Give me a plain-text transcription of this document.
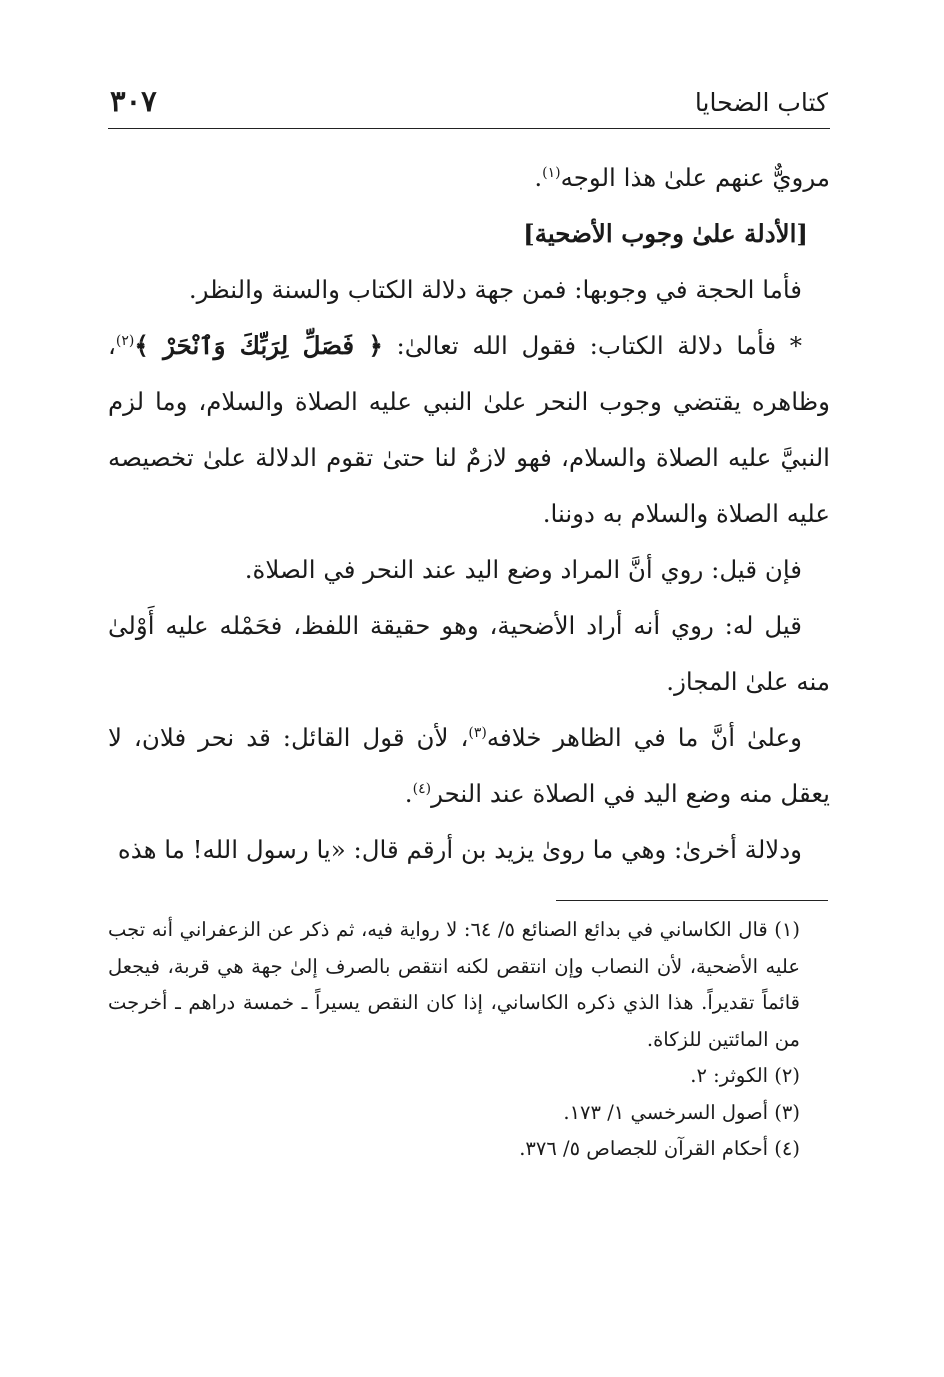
كتاب الضحايا
٣٠٧

مرويٌّ عنهم علىٰ هذا الوجه$^{(١)}$.

[الأدلة علىٰ وجوب الأضحية]

فأما الحجة في وجوبها: فمن جهة دلالة الكتاب والسنة والنظر.

* فأما دلالة الكتاب: فقول الله تعالىٰ: ﴿ فَصَلِّ لِرَبِّكَ وَٱنْحَرْ ﴾$^{(٢)}$، وظاهره يقتضي وجوب النحر علىٰ النبي عليه الصلاة والسلام، وما لزم النبيَّ عليه الصلاة والسلام، فهو لازمٌ لنا حتىٰ تقوم الدلالة علىٰ تخصيصه عليه الصلاة والسلام به دوننا.

فإن قيل: روي أنَّ المراد وضع اليد عند النحر في الصلاة.

قيل له: روي أنه أراد الأضحية، وهو حقيقة اللفظ، فحَمْله عليه أَوْلىٰ منه علىٰ المجاز.

وعلىٰ أنَّ ما في الظاهر خلافه$^{(٣)}$، لأن قول القائل: قد نحر فلان، لا يعقل منه وضع اليد في الصلاة عند النحر$^{(٤)}$.

ودلالة أخرىٰ: وهي ما روىٰ يزيد بن أرقم قال: «يا رسول الله! ما هذه

(١) قال الكاساني في بدائع الصنائع ٥/ ٦٤: لا رواية فيه، ثم ذكر عن الزعفراني أنه تجب عليه الأضحية، لأن النصاب وإن انتقص لكنه انتقص بالصرف إلىٰ جهة هي قربة، فيجعل قائماً تقديراً. هذا الذي ذكره الكاساني، إذا كان النقص يسيراً ـ خمسة دراهم ـ أخرجت من المائتين للزكاة.

(٢) الكوثر: ٢.

(٣) أصول السرخسي ١/ ١٧٣.

(٤) أحكام القرآن للجصاص ٥/ ٣٧٦.
